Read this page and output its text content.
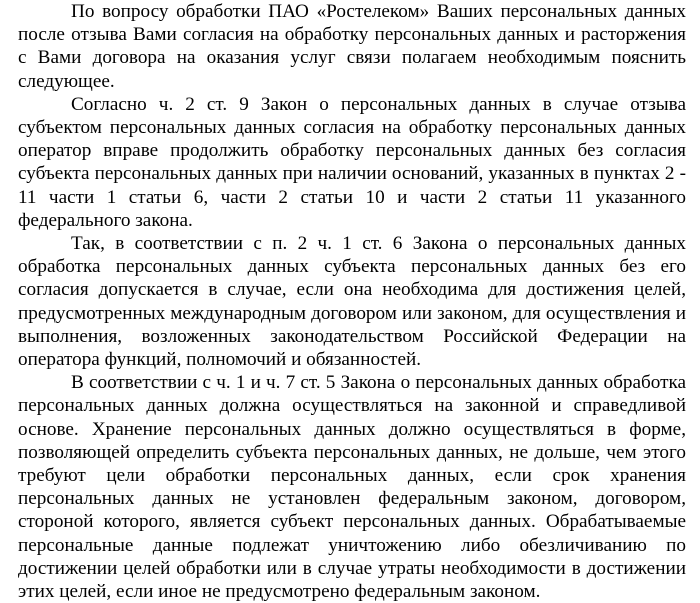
По вопросу обработки ПАО «Ростелеком» Ваших персональных данных после отзыва Вами согласия на обработку персональных данных и расторжения с Вами договора на оказания услуг связи полагаем необходимым пояснить следующее.

Согласно ч. 2 ст. 9 Закон о персональных данных в случае отзыва субъектом персональных данных согласия на обработку персональных данных оператор вправе продолжить обработку персональных данных без согласия субъекта персональных данных при наличии оснований, указанных в пунктах 2 - 11 части 1 статьи 6, части 2 статьи 10 и части 2 статьи 11 указанного федерального закона.

Так, в соответствии с п. 2 ч. 1 ст. 6 Закона о персональных данных обработка персональных данных субъекта персональных данных без его согласия допускается в случае, если она необходима для достижения целей, предусмотренных международным договором или законом, для осуществления и выполнения, возложенных законодательством Российской Федерации на оператора функций, полномочий и обязанностей.

В соответствии с ч. 1 и ч. 7 ст. 5 Закона о персональных данных обработка персональных данных должна осуществляться на законной и справедливой основе. Хранение персональных данных должно осуществляться в форме, позволяющей определить субъекта персональных данных, не дольше, чем этого требуют цели обработки персональных данных, если срок хранения персональных данных не установлен федеральным законом, договором, стороной которого, является субъект персональных данных. Обрабатываемые персональные данные подлежат уничтожению либо обезличиванию по достижении целей обработки или в случае утраты необходимости в достижении этих целей, если иное не предусмотрено федеральным законом.
